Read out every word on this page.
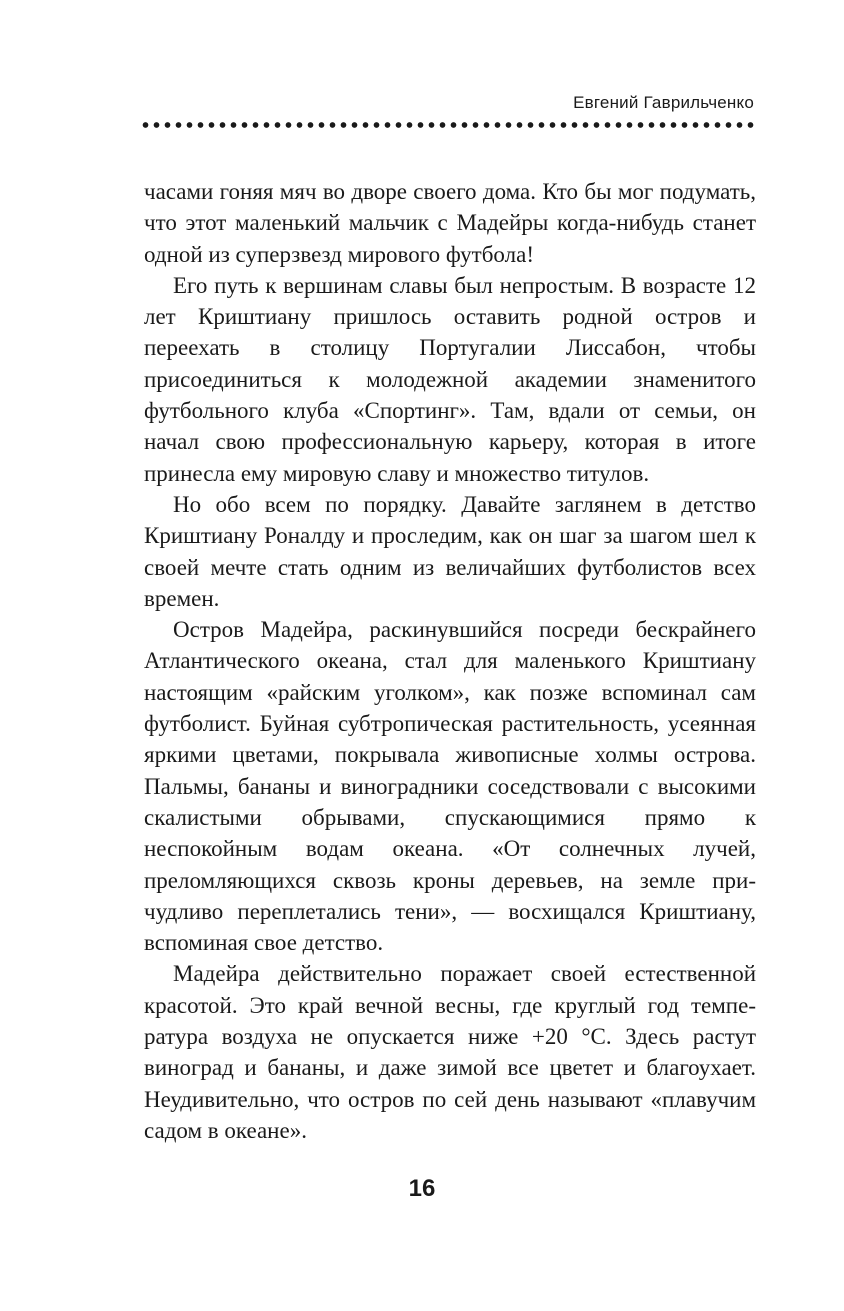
Евгений Гаврильченко

часами гоняя мяч во дворе своего дома. Кто бы мог подумать, что этот маленький мальчик с Мадейры когда-нибудь станет одной из суперзвезд мирового футбола!

Его путь к вершинам славы был непростым. В возрасте 12 лет Криштиану пришлось оставить родной остров и переехать в столицу Португалии Лиссабон, чтобы присоединиться к молодежной академии знаменитого футбольного клуба «Спортинг». Там, вдали от семьи, он начал свою профессиональную карьеру, которая в итоге принесла ему мировую славу и множество титулов.

Но обо всем по порядку. Давайте заглянем в детство Криштиану Роналду и проследим, как он шаг за шагом шел к своей мечте стать одним из величайших футболистов всех времен.

Остров Мадейра, раскинувшийся посреди бескрайнего Атлантического океана, стал для маленького Криштиану настоящим «райским уголком», как позже вспоминал сам футболист. Буйная субтропическая растительность, усеянная яркими цветами, покрывала живописные холмы острова. Пальмы, бананы и виноградники соседствовали с высокими скалистыми обрывами, спускающимися прямо к неспокойным водам океана. «От солнечных лучей, преломляющихся сквозь кроны деревьев, на земле причудливо переплетались тени», — восхищался Криштиану, вспоминая свое детство.

Мадейра действительно поражает своей естественной красотой. Это край вечной весны, где круглый год температура воздуха не опускается ниже +20 °C. Здесь растут виноград и бананы, и даже зимой все цветет и благоухает. Неудивительно, что остров по сей день называют «плавучим садом в океане».

16
